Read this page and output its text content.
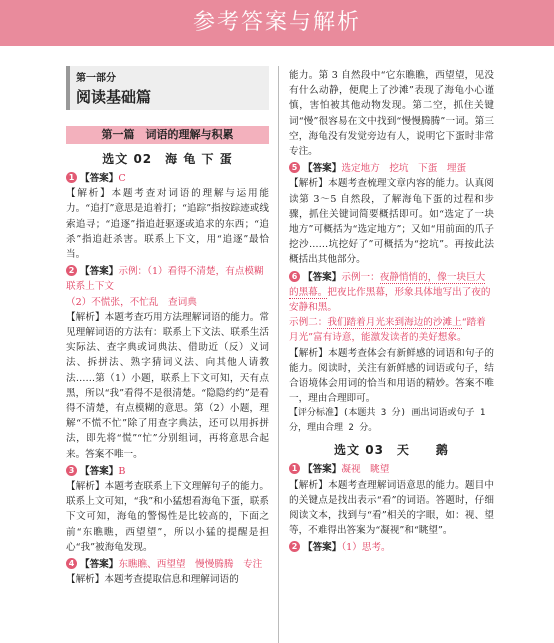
参考答案与解析
第一部分
阅读基础篇
第一篇　词语的理解与积累
选文 02　海 龟 下 蛋
1 【答案】C
【解析】本题考查对词语的理解与运用能力。“追打”意思是追着打；“追踪”指按踪迹或线索追寻；“追逐”指追赶驱逐或追求的东西；“追杀”指追赶杀害。联系上下文，用“追逐”最恰当。
2 【答案】示例：（1）看得不清楚，有点模糊　联系上下文
（2）不慌张，不忙乱　查词典
【解析】本题考查巧用方法理解词语的能力。常见理解词语的方法有：联系上下文法、联系生活实际法、查字典或词典法、借助近（反）义词法、拆拼法、熟字猜词义法、向其他人请教法……第（1）小题，联系上下文可知，天有点黑，所以“我”看得不是很清楚。“隐隐约约”是看得不清楚，有点模糊的意思。第（2）小题，理解“不慌不忙”除了用查字典法，还可以用拆拼法，即先将“慌”“忙”分别组词，再将意思合起来。答案不唯一。
3 【答案】B
【解析】本题考查联系上下文理解句子的能力。联系上文可知，“我”和小猛想看海龟下蛋，联系下文可知，海龟的警惕性是比较高的，下面之前“东瞧瞧，西望望”，所以小猛的提醒是担心“我”被海龟发现。
4 【答案】东瞧瞧、西望望　慢慢腾腾　专注
【解析】本题考查提取信息和理解词语的
能力。第 3 自然段中“它东瞧瞧，西望望，见没有什么动静，便爬上了沙滩”表现了海龟小心谨慎，害怕被其他动物发现。第二空，抓住关键词“慢”很容易在文中找到“慢慢腾腾”一词。第三空，海龟没有发觉旁边有人，说明它下蛋时非常专注。
5 【答案】选定地方　挖坑　下蛋　埋蛋
【解析】本题考查梳理文章内容的能力。认真阅读第 3～5 自然段，了解海龟下蛋的过程和步骤，抓住关键词简要概括即可。如“选定了一块地方”可概括为“选定地方”；又如“用前面的爪子挖沙……坑挖好了”可概括为“挖坑”。再按此法概括出其他部分。
6 【答案】示例一：夜静悄悄的，像一块巨大的黑幕。把夜比作黑幕，形象具体地写出了夜的安静和黑。
示例二：我们踏着月光来到海边的沙滩上“踏着月光”富有诗意，能激发读者的美好想象。
【解析】本题考查体会有新鲜感的词语和句子的能力。阅读时，关注有新鲜感的词语或句子，结合语境体会用词的恰当和用语的精妙。答案不唯一，理由合理即可。
【评分标准】(本题共 3 分) 画出词语或句子 1 分，理由合理 2 分。
选文 03　天　　鹅
1 【答案】凝视　眺望
【解析】本题考查理解词语意思的能力。题目中的关键点是找出表示“看”的词语。答题时，仔细阅读文本，找到与“看”相关的字眼，如：视、望等，不难得出答案为“凝视”和“眺望”。
2 【答案】（1）思考。
